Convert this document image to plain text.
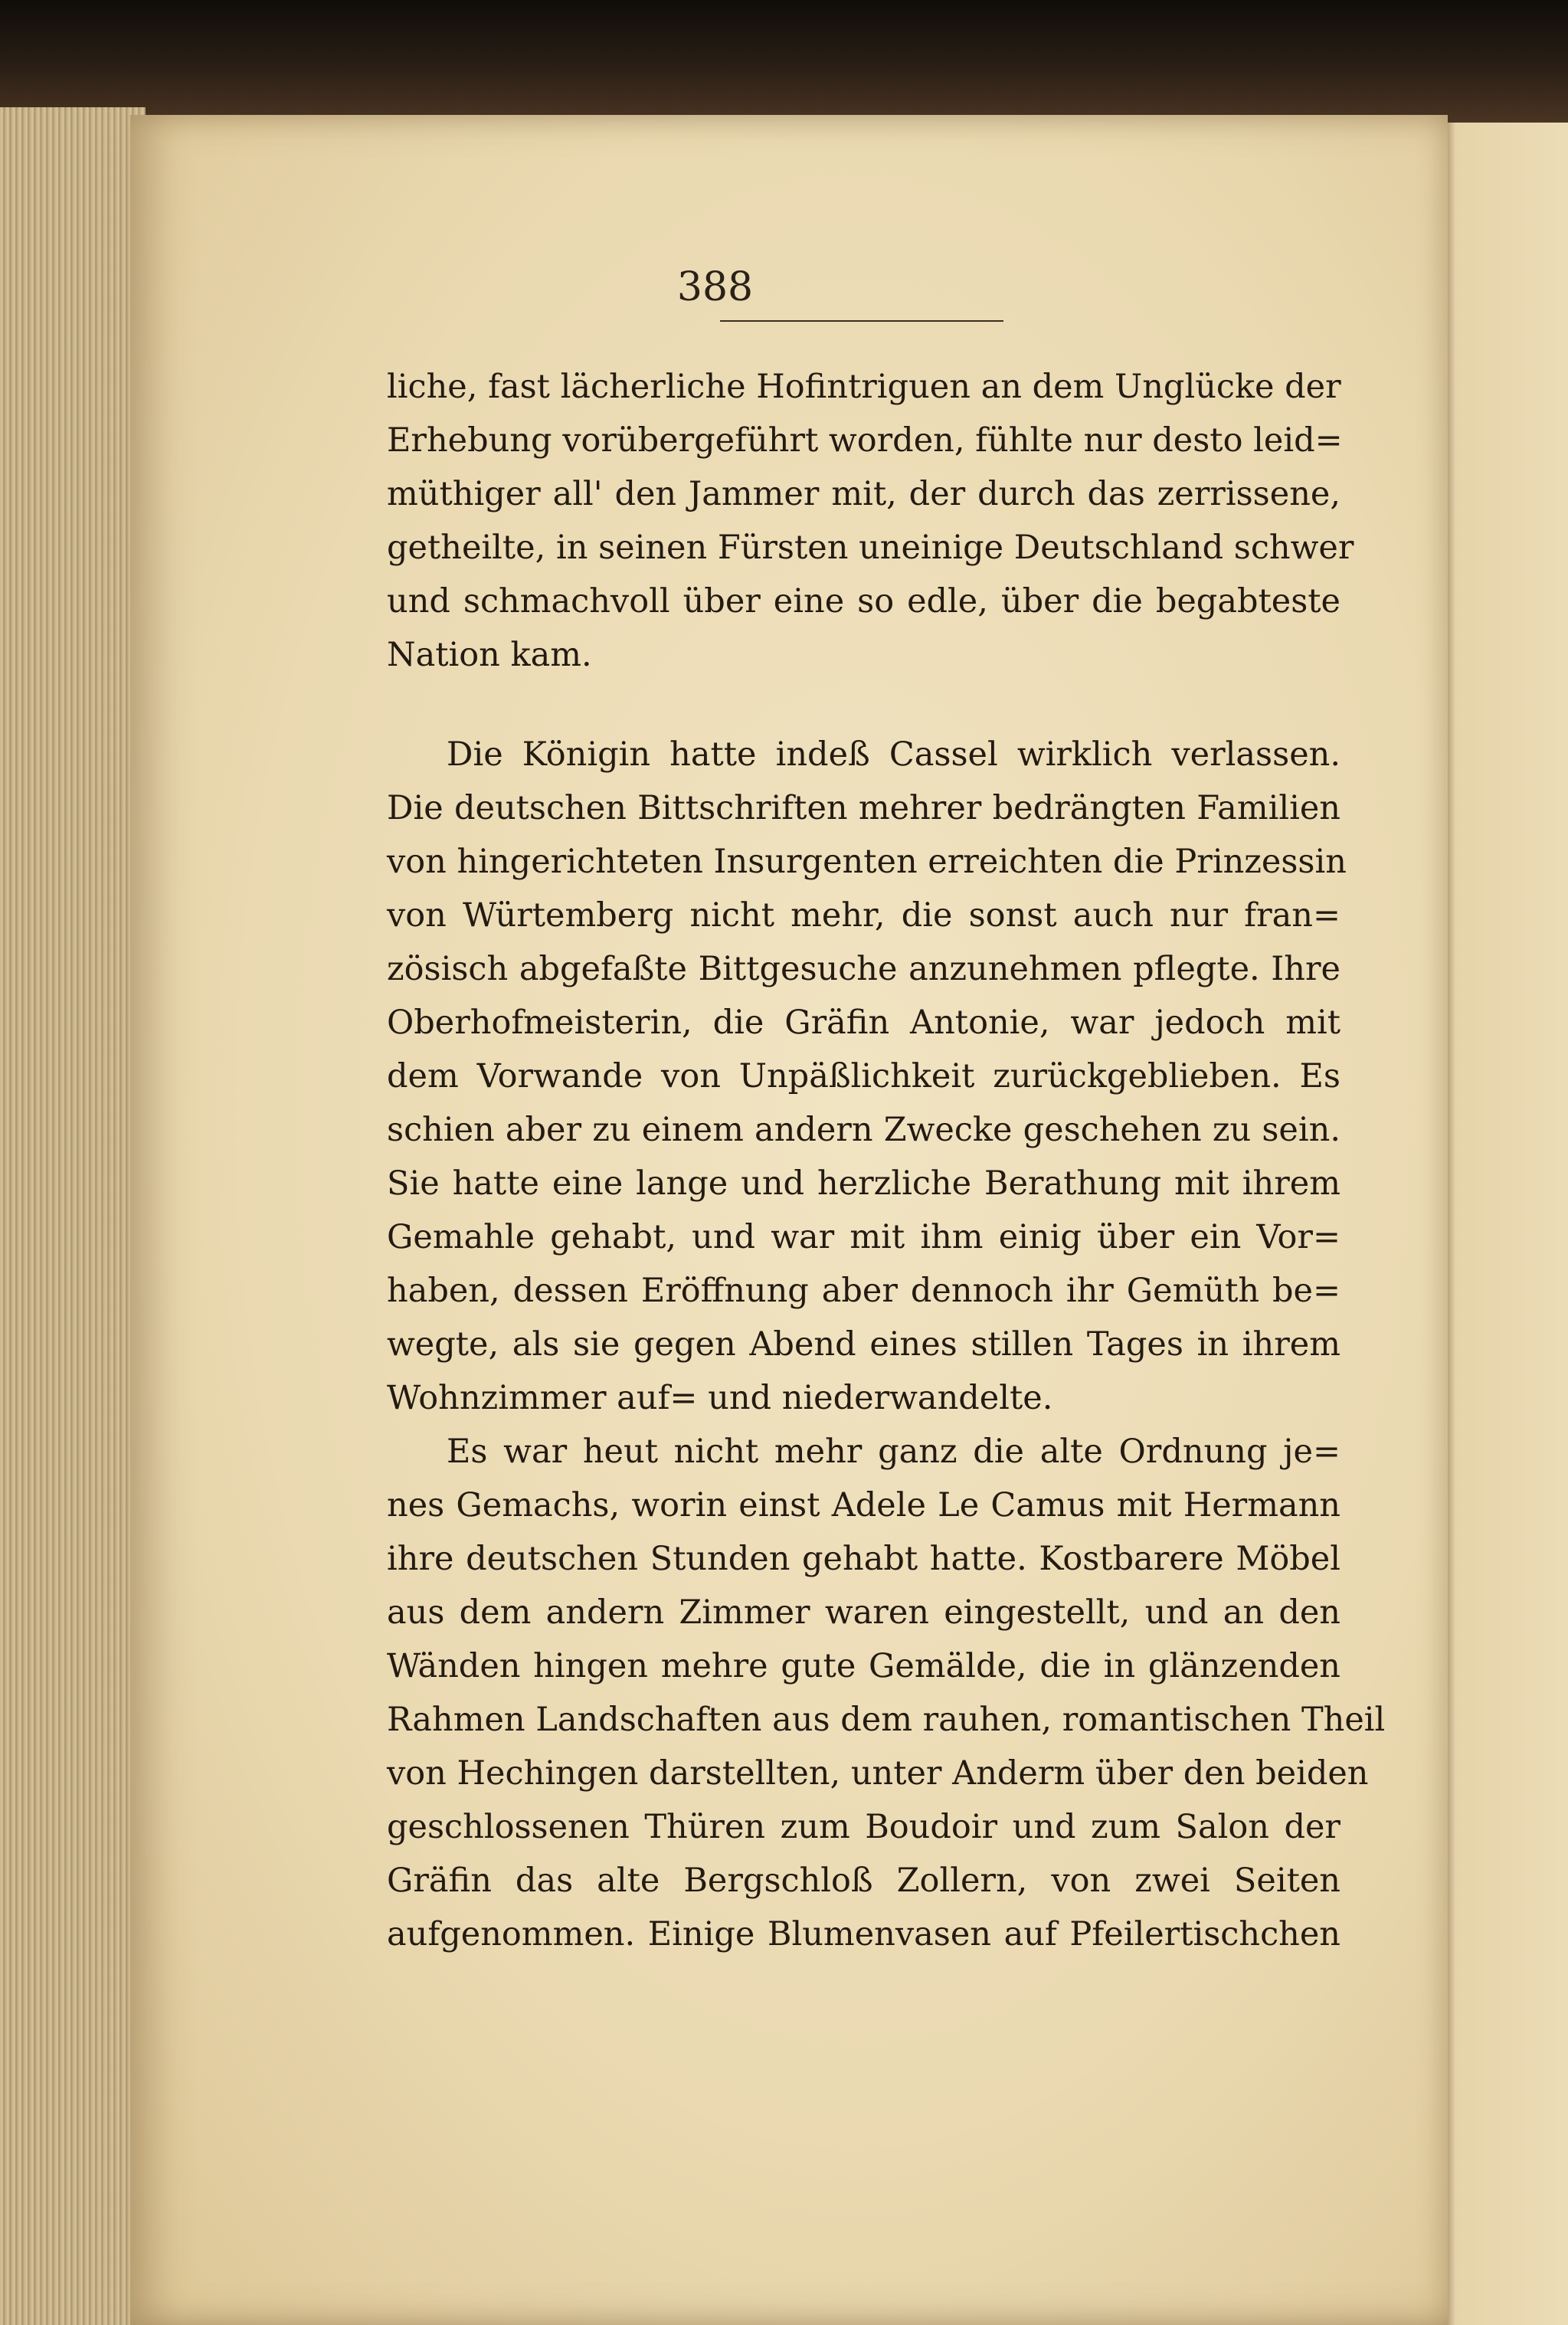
388

liche, fast lächerliche Hofintriguen an dem Unglücke der
Erhebung vorübergeführt worden, fühlte nur desto leid=
müthiger all' den Jammer mit, der durch das zerrissene,
getheilte, in seinen Fürsten uneinige Deutschland schwer
und schmachvoll über eine so edle, über die begabteste
Nation kam.

Die Königin hatte indeß Cassel wirklich verlassen.
Die deutschen Bittschriften mehrer bedrängten Familien
von hingerichteten Insurgenten erreichten die Prinzessin
von Würtemberg nicht mehr, die sonst auch nur fran=
zösisch abgefaßte Bittgesuche anzunehmen pflegte. Ihre
Oberhofmeisterin, die Gräfin Antonie, war jedoch mit
dem Vorwande von Unpäßlichkeit zurückgeblieben. Es
schien aber zu einem andern Zwecke geschehen zu sein.
Sie hatte eine lange und herzliche Berathung mit ihrem
Gemahle gehabt, und war mit ihm einig über ein Vor=
haben, dessen Eröffnung aber dennoch ihr Gemüth be=
wegte, als sie gegen Abend eines stillen Tages in ihrem
Wohnzimmer auf= und niederwandelte.

Es war heut nicht mehr ganz die alte Ordnung je=
nes Gemachs, worin einst Adele Le Camus mit Hermann
ihre deutschen Stunden gehabt hatte. Kostbarere Möbel
aus dem andern Zimmer waren eingestellt, und an den
Wänden hingen mehre gute Gemälde, die in glänzenden
Rahmen Landschaften aus dem rauhen, romantischen Theil
von Hechingen darstellten, unter Anderm über den beiden
geschlossenen Thüren zum Boudoir und zum Salon der
Gräfin das alte Bergschloß Zollern, von zwei Seiten
aufgenommen. Einige Blumenvasen auf Pfeilertischchen
